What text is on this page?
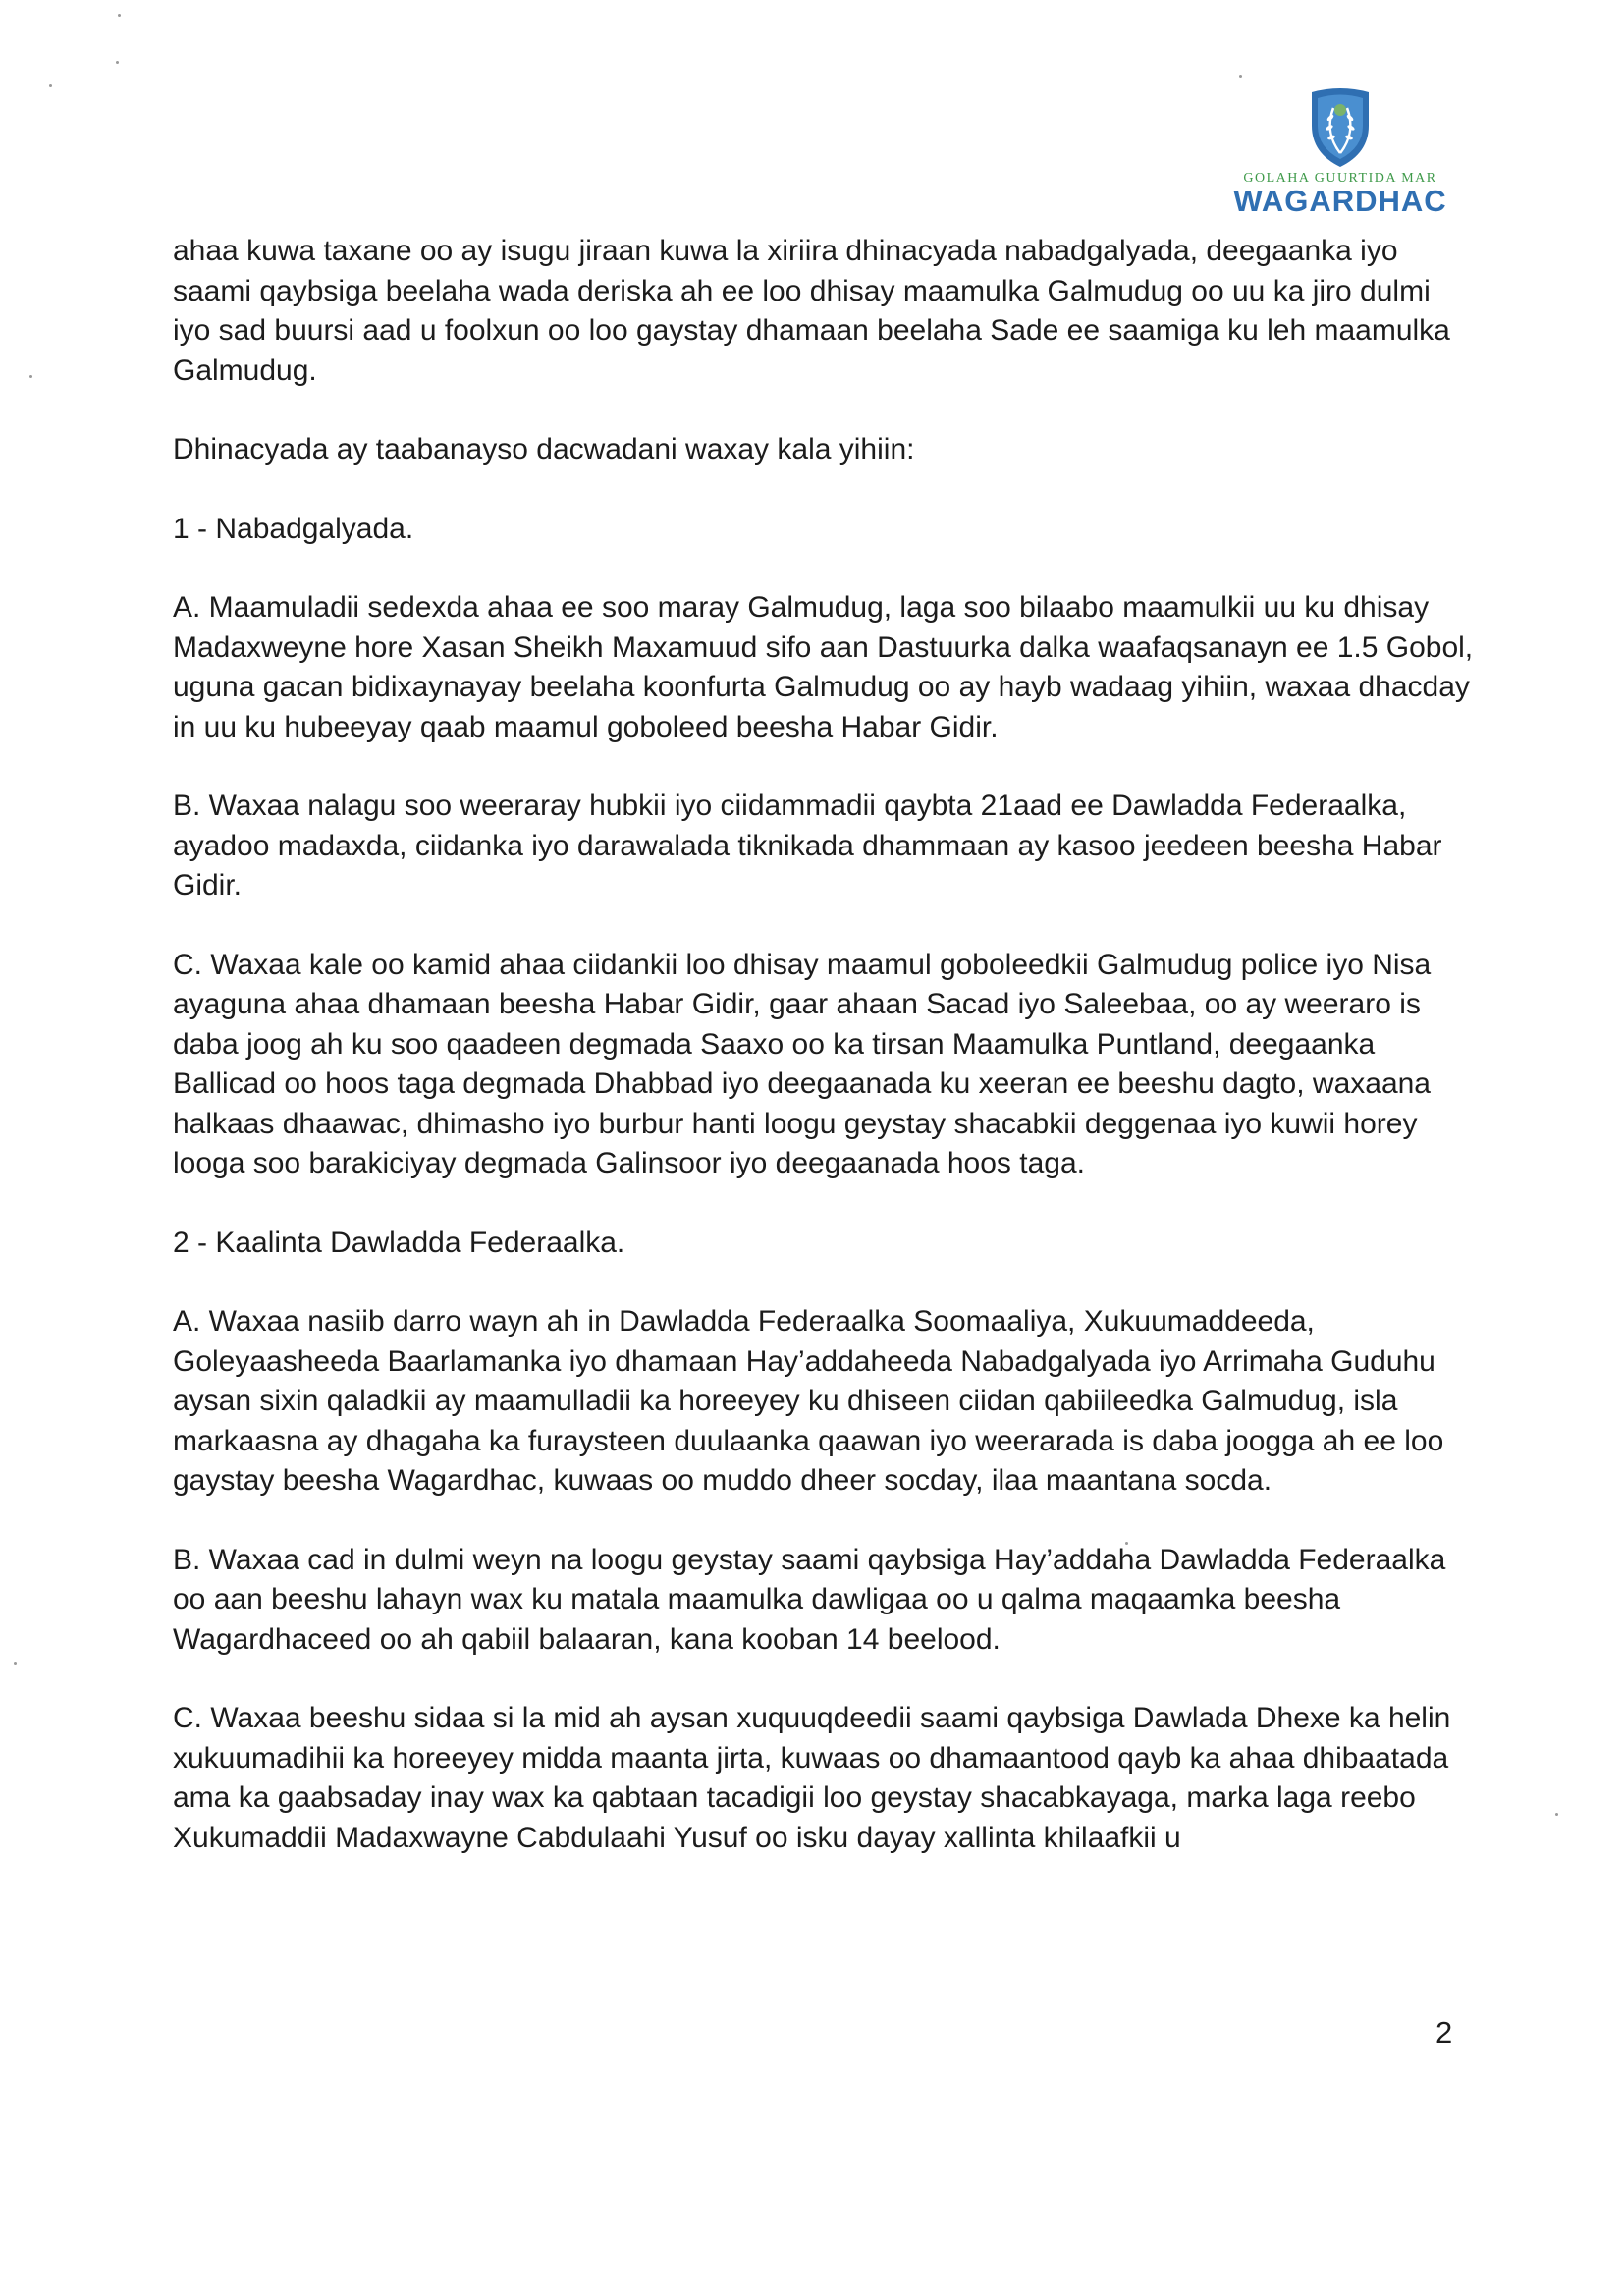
GOLAHA GUURTIDA MAR
WAGARDHAC

ahaa kuwa taxane oo ay isugu jiraan kuwa la xiriira dhinacyada nabadgalyada, deegaanka iyo saami qaybsiga beelaha wada deriska ah ee loo dhisay maamulka Galmudug oo uu ka jiro dulmi iyo sad buursi aad u foolxun oo loo gaystay dhamaan beelaha Sade ee saamiga ku leh maamulka Galmudug.

Dhinacyada ay taabanayso dacwadani waxay kala yihiin:

1 - Nabadgalyada.

A. Maamuladii sedexda ahaa ee soo maray Galmudug, laga soo bilaabo maamulkii uu ku dhisay Madaxweyne hore Xasan Sheikh Maxamuud sifo aan Dastuurka dalka waafaqsanayn ee 1.5 Gobol, uguna gacan bidixaynayay beelaha koonfurta Galmudug oo ay hayb wadaag yihiin, waxaa dhacday in uu ku hubeeyay qaab maamul goboleed beesha Habar Gidir.

B. Waxaa nalagu soo weeraray hubkii iyo ciidammadii qaybta 21aad ee Dawladda Federaalka, ayadoo madaxda, ciidanka iyo darawalada tiknikada dhammaan ay kasoo jeedeen beesha Habar Gidir.

C. Waxaa kale oo kamid ahaa ciidankii loo dhisay maamul goboleedkii Galmudug police iyo Nisa ayaguna ahaa dhamaan beesha Habar Gidir, gaar ahaan Sacad iyo Saleebaa, oo ay weeraro is daba joog ah ku soo qaadeen degmada Saaxo oo ka tirsan Maamulka Puntland, deegaanka Ballicad oo hoos taga degmada Dhabbad iyo deegaanada ku xeeran ee beeshu dagto, waxaana halkaas dhaawac, dhimasho iyo burbur hanti loogu geystay shacabkii deggenaa iyo kuwii horey looga soo barakiciyay degmada Galinsoor iyo deegaanada hoos taga.

2 - Kaalinta Dawladda Federaalka.

A. Waxaa nasiib darro wayn ah in Dawladda Federaalka Soomaaliya, Xukuumaddeeda, Goleyaasheeda Baarlamanka iyo dhamaan Hay’addaheeda Nabadgalyada iyo Arrimaha Guduhu aysan sixin qaladkii ay maamulladii ka horeeyey ku dhiseen ciidan qabiileedka Galmudug, isla markaasna ay dhagaha ka furaysteen duulaanka qaawan iyo weerarada is daba joogga ah ee loo gaystay beesha Wagardhac, kuwaas oo muddo dheer socday, ilaa maantana socda.

B. Waxaa cad in dulmi weyn na loogu geystay saami qaybsiga Hay’addaha Dawladda Federaalka oo aan beeshu lahayn wax ku matala maamulka dawligaa oo u qalma maqaamka beesha Wagardhaceed oo ah qabiil balaaran, kana kooban 14 beelood.

C. Waxaa beeshu sidaa si la mid ah aysan xuquuqdeedii saami qaybsiga Dawlada Dhexe ka helin xukuumadihii ka horeeyey midda maanta jirta, kuwaas oo dhamaantood qayb ka ahaa dhibaatada ama ka gaabsaday inay wax ka qabtaan tacadigii loo geystay shacabkayaga, marka laga reebo Xukumaddii Madaxwayne Cabdulaahi Yusuf oo isku dayay xallinta khilaafkii u

2
